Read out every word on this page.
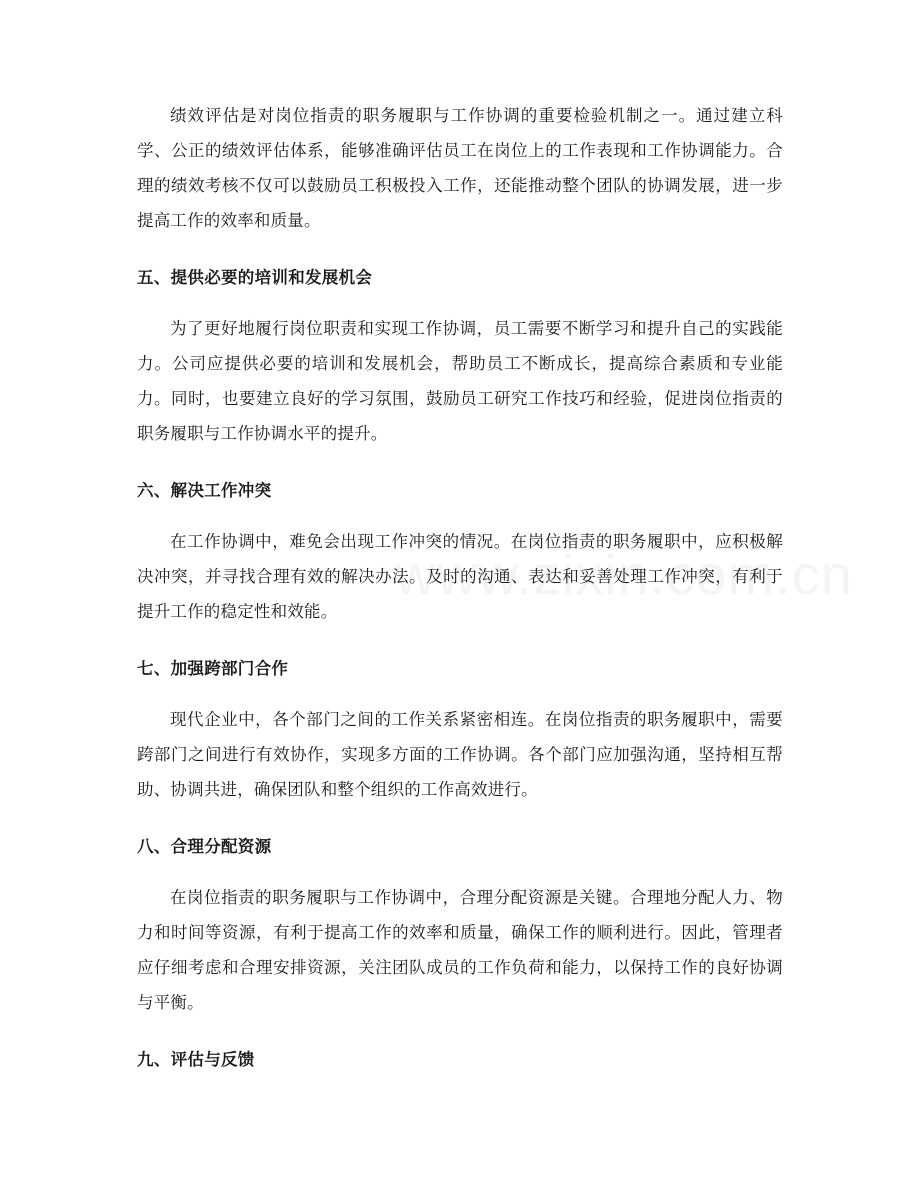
绩效评估是对岗位指责的职务履职与工作协调的重要检验机制之一。通过建立科学、公正的绩效评估体系，能够准确评估员工在岗位上的工作表现和工作协调能力。合理的绩效考核不仅可以鼓励员工积极投入工作，还能推动整个团队的协调发展，进一步提高工作的效率和质量。

五、提供必要的培训和发展机会

为了更好地履行岗位职责和实现工作协调，员工需要不断学习和提升自己的实践能力。公司应提供必要的培训和发展机会，帮助员工不断成长，提高综合素质和专业能力。同时，也要建立良好的学习氛围，鼓励员工研究工作技巧和经验，促进岗位指责的职务履职与工作协调水平的提升。

六、解决工作冲突

在工作协调中，难免会出现工作冲突的情况。在岗位指责的职务履职中，应积极解决冲突，并寻找合理有效的解决办法。及时的沟通、表达和妥善处理工作冲突，有利于提升工作的稳定性和效能。

七、加强跨部门合作

现代企业中，各个部门之间的工作关系紧密相连。在岗位指责的职务履职中，需要跨部门之间进行有效协作，实现多方面的工作协调。各个部门应加强沟通，坚持相互帮助、协调共进，确保团队和整个组织的工作高效进行。

八、合理分配资源

在岗位指责的职务履职与工作协调中，合理分配资源是关键。合理地分配人力、物力和时间等资源，有利于提高工作的效率和质量，确保工作的顺利进行。因此，管理者应仔细考虑和合理安排资源，关注团队成员的工作负荷和能力，以保持工作的良好协调与平衡。

九、评估与反馈
